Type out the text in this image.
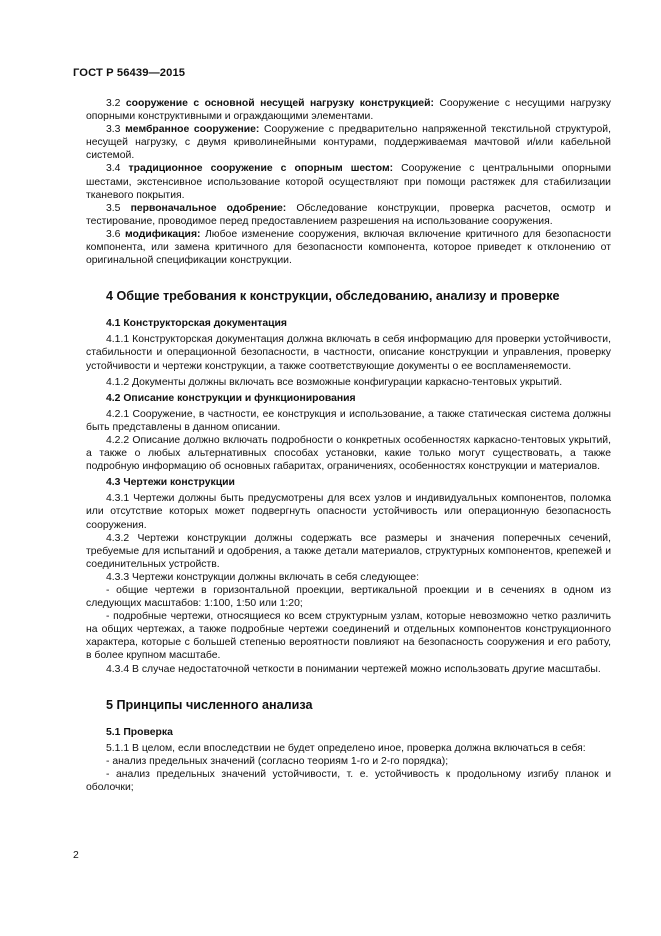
ГОСТ Р 56439—2015

3.2 сооружение с основной несущей нагрузку конструкцией: Сооружение с несущими нагрузку опорными конструктивными и ограждающими элементами.

3.3 мембранное сооружение: Сооружение с предварительно напряженной текстильной структурой, несущей нагрузку, с двумя криволинейными контурами, поддерживаемая мачтовой и/или кабельной системой.

3.4 традиционное сооружение с опорным шестом: Сооружение с центральными опорными шестами, экстенсивное использование которой осуществляют при помощи растяжек для стабилизации тканевого покрытия.

3.5 первоначальное одобрение: Обследование конструкции, проверка расчетов, осмотр и тестирование, проводимое перед предоставлением разрешения на использование сооружения.

3.6 модификация: Любое изменение сооружения, включая включение критичного для безопасности компонента, или замена критичного для безопасности компонента, которое приведет к отклонению от оригинальной спецификации конструкции.

4 Общие требования к конструкции, обследованию, анализу и проверке
4.1 Конструкторская документация

4.1.1 Конструкторская документация должна включать в себя информацию для проверки устойчивости, стабильности и операционной безопасности, в частности, описание конструкции и управления, проверку устойчивости и чертежи конструкции, а также соответствующие документы о ее воспламеняемости.

4.1.2 Документы должны включать все возможные конфигурации каркасно-тентовых укрытий.

4.2 Описание конструкции и функционирования

4.2.1 Сооружение, в частности, ее конструкция и использование, а также статическая система должны быть представлены в данном описании.

4.2.2 Описание должно включать подробности о конкретных особенностях каркасно-тентовых укрытий, а также о любых альтернативных способах установки, какие только могут существовать, а также подробную информацию об основных габаритах, ограничениях, особенностях конструкции и материалов.

4.3 Чертежи конструкции

4.3.1 Чертежи должны быть предусмотрены для всех узлов и индивидуальных компонентов, поломка или отсутствие которых может подвергнуть опасности устойчивость или операционную безопасность сооружения.

4.3.2 Чертежи конструкции должны содержать все размеры и значения поперечных сечений, требуемые для испытаний и одобрения, а также детали материалов, структурных компонентов, крепежей и соединительных устройств.

4.3.3 Чертежи конструкции должны включать в себя следующее:

- общие чертежи в горизонтальной проекции, вертикальной проекции и в сечениях в одном из следующих масштабов: 1:100, 1:50 или 1:20;

- подробные чертежи, относящиеся ко всем структурным узлам, которые невозможно четко различить на общих чертежах, а также подробные чертежи соединений и отдельных компонентов конструкционного характера, которые с большей степенью вероятности повлияют на безопасность сооружения и его работу, в более крупном масштабе.

4.3.4 В случае недостаточной четкости в понимании чертежей можно использовать другие масштабы.

5 Принципы численного анализа
5.1 Проверка

5.1.1 В целом, если впоследствии не будет определено иное, проверка должна включаться в себя:

- анализ предельных значений (согласно теориям 1-го и 2-го порядка);

- анализ предельных значений устойчивости, т. е. устойчивость к продольному изгибу планок и оболочки;

2
